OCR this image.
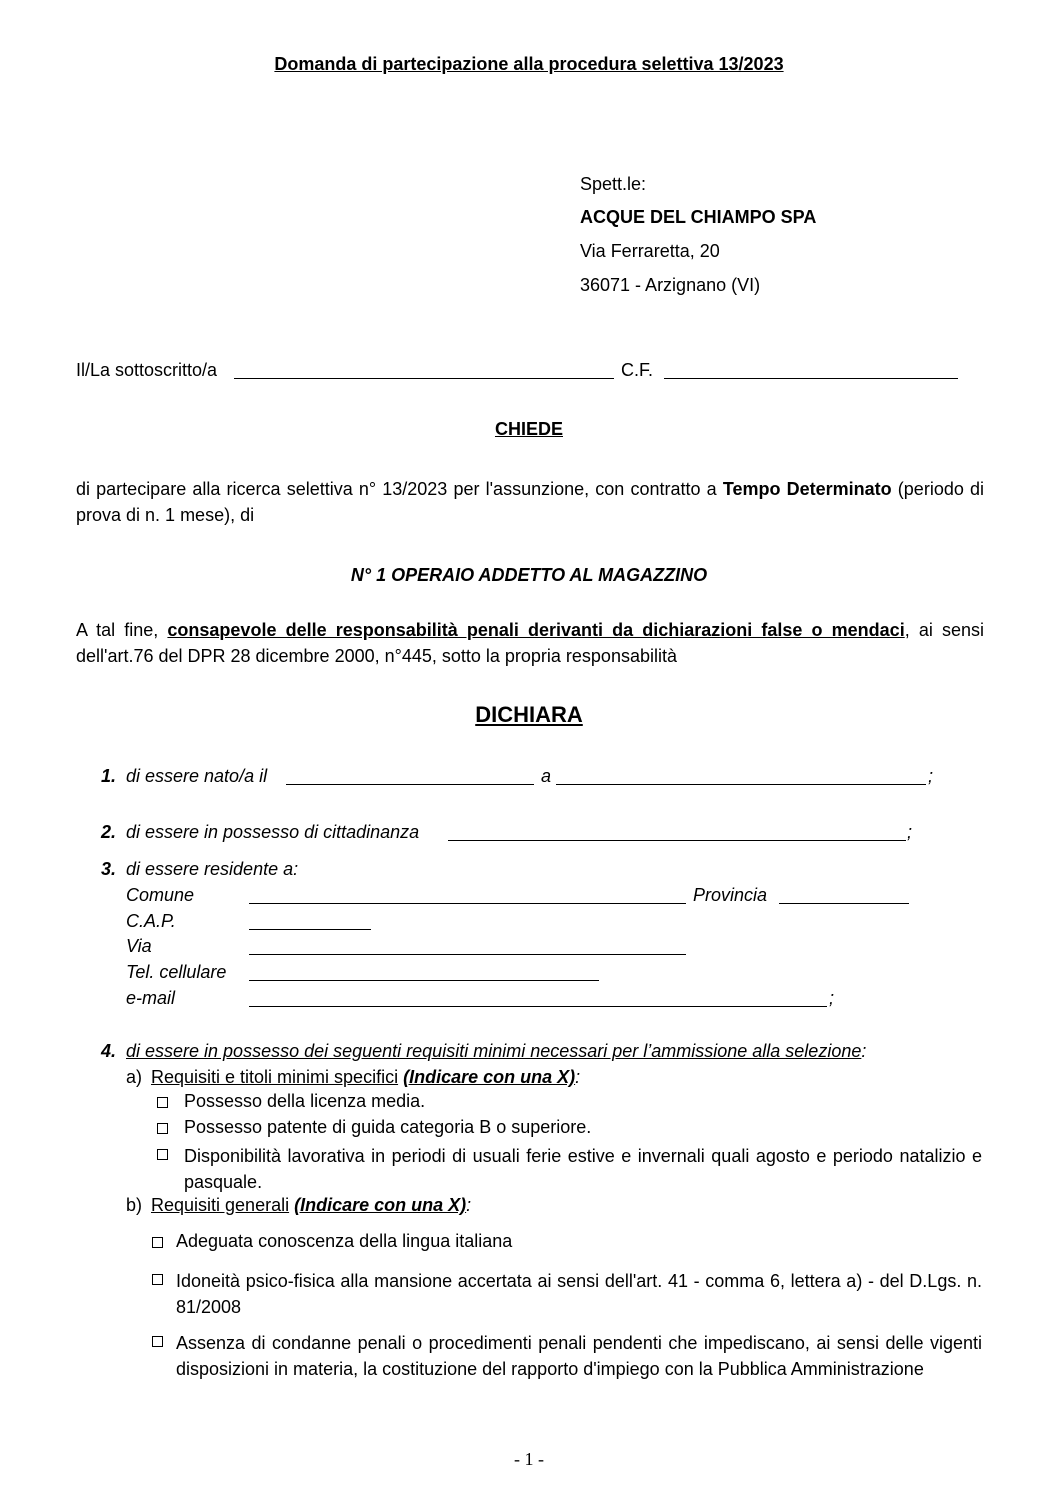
Domanda di partecipazione alla procedura selettiva 13/2023
Spett.le:
ACQUE DEL CHIAMPO SPA
Via Ferraretta, 20
36071 - Arzignano (VI)
Il/La sottoscritto/a	C.F.
CHIEDE
di partecipare alla ricerca selettiva n° 13/2023 per l'assunzione, con contratto a Tempo Determinato (periodo di prova di n. 1 mese), di
N° 1 OPERAIO ADDETTO AL MAGAZZINO
A tal fine, consapevole delle responsabilità penali derivanti da dichiarazioni false o mendaci, ai sensi dell'art.76 del DPR 28 dicembre 2000, n°445, sotto la propria responsabilità
DICHIARA
1. di essere nato/a il	a	;
2. di essere in possesso di cittadinanza	;
3. di essere residente a:
Comune	Provincia
C.A.P.
Via
Tel. cellulare
e-mail	;
4. di essere in possesso dei seguenti requisiti minimi necessari per l’ammissione alla selezione:
a) Requisiti e titoli minimi specifici (Indicare con una X):
Possesso della licenza media.
Possesso patente di guida categoria B o superiore.
Disponibilità lavorativa in periodi di usuali ferie estive e invernali quali agosto e periodo natalizio e pasquale.
b) Requisiti generali (Indicare con una X):
Adeguata conoscenza della lingua italiana
Idoneità psico-fisica alla mansione accertata ai sensi dell'art. 41 - comma 6, lettera a) - del D.Lgs. n. 81/2008
Assenza di condanne penali o procedimenti penali pendenti che impediscano, ai sensi delle vigenti disposizioni in materia, la costituzione del rapporto d'impiego con la Pubblica Amministrazione
- 1 -
